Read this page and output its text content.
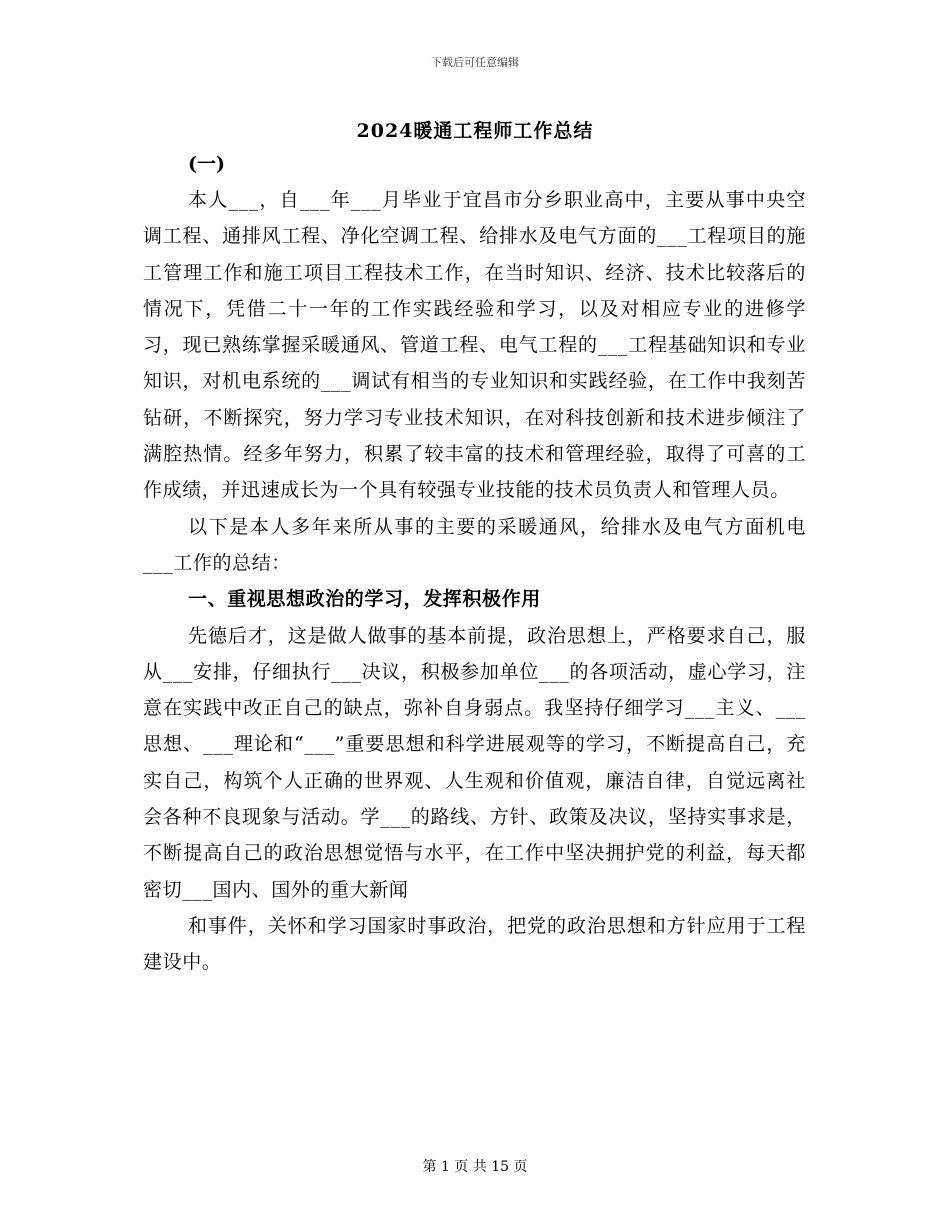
下载后可任意编辑
2024暖通工程师工作总结
(一)

本人___，自___年___月毕业于宜昌市分乡职业高中，主要从事中央空调工程、通排风工程、净化空调工程、给排水及电气方面的___工程项目的施工管理工作和施工项目工程技术工作，在当时知识、经济、技术比较落后的情况下，凭借二十一年的工作实践经验和学习，以及对相应专业的进修学习，现已熟练掌握采暖通风、管道工程、电气工程的___工程基础知识和专业知识，对机电系统的___调试有相当的专业知识和实践经验，在工作中我刻苦钻研，不断探究，努力学习专业技术知识，在对科技创新和技术进步倾注了满腔热情。经多年努力，积累了较丰富的技术和管理经验，取得了可喜的工作成绩，并迅速成长为一个具有较强专业技能的技术员负责人和管理人员。

以下是本人多年来所从事的主要的采暖通风，给排水及电气方面机电___工作的总结：

一、重视思想政治的学习，发挥积极作用

先德后才，这是做人做事的基本前提，政治思想上，严格要求自己，服从___安排，仔细执行___决议，积极参加单位___的各项活动，虚心学习，注意在实践中改正自己的缺点，弥补自身弱点。我坚持仔细学习___主义、___思想、___理论和“___”重要思想和科学进展观等的学习，不断提高自己，充实自己，构筑个人正确的世界观、人生观和价值观，廉洁自律，自觉远离社会各种不良现象与活动。学___的路线、方针、政策及决议，坚持实事求是，不断提高自己的政治思想觉悟与水平，在工作中坚决拥护党的利益，每天都密切___国内、国外的重大新闻

和事件，关怀和学习国家时事政治，把党的政治思想和方针应用于工程建设中。

第 1 页 共 15 页
